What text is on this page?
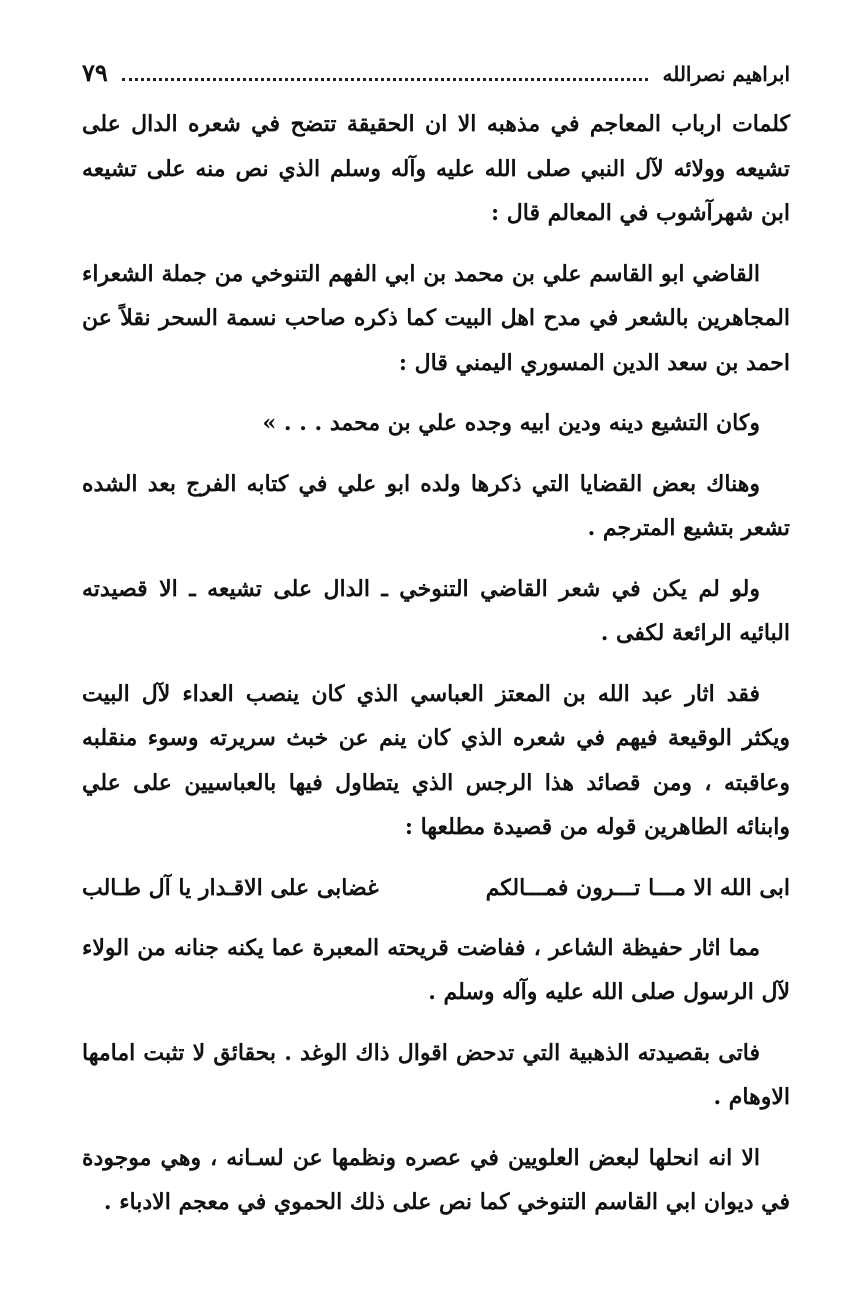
ابراهيم نصرالله
٧٩

كلمات ارباب المعاجم في مذهبه الا ان الحقيقة تتضح في شعره الدال على تشيعه وولائه لآل النبي صلى الله عليه وآله وسلم الذي نص منه على تشيعه ابن شهرآشوب في المعالم قال :

القاضي ابو القاسم علي بن محمد بن ابي الفهم التنوخي من جملة الشعراء المجاهرين بالشعر في مدح اهل البيت كما ذكره صاحب نسمة السحر نقلاً عن احمد بن سعد الدين المسوري اليمني قال :

وكان التشيع دينه ودين ابيه وجده علي بن محمد . . . »

وهناك بعض القضايا التي ذكرها ولده ابو علي في كتابه الفرج بعد الشده تشعر بتشيع المترجم .

ولو لم يكن في شعر القاضي التنوخي ـ الدال على تشيعه ـ الا قصيدته البائيه الرائعة لكفى .

فقد اثار عبد الله بن المعتز العباسي الذي كان ينصب العداء لآل البيت ويكثر الوقيعة فيهم في شعره الذي كان ينم عن خبث سريرته وسوء منقلبه وعاقبته ، ومن قصائد هذا الرجس الذي يتطاول فيها بالعباسيين على علي وابنائه الطاهرين قوله من قصيدة مطلعها :

ابى الله الا مـــا تـــرون فمـــالكم
غضابى على الاقـدار يا آل طـالب

مما اثار حفيظة الشاعر ، ففاضت قريحته المعبرة عما يكنه جنانه من الولاء لآل الرسول صلى الله عليه وآله وسلم .

فاتى بقصيدته الذهبية التي تدحض اقوال ذاك الوغد . بحقائق لا تثبت امامها الاوهام .

الا انه انحلها لبعض العلويين في عصره ونظمها عن لسـانه ، وهي موجودة في ديوان ابي القاسم التنوخي كما نص على ذلك الحموي في معجم الادباء .
